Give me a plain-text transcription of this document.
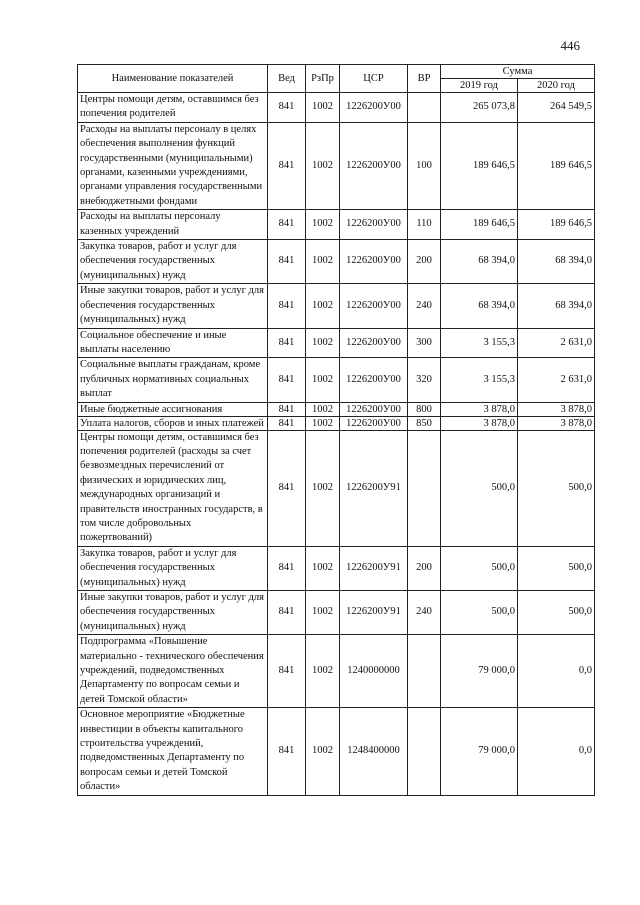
446
Наименование показателей	Вед	РзПр	ЦСР	ВР	Сумма	
					2019 год	2020 год
Центры помощи детям, оставшимся без попечения родителей	841	1002	1226200У00		265 073,8	264 549,5
Расходы на выплаты персоналу в целях обеспечения выполнения функций государственными (муниципальными) органами, казенными учреждениями, органами управления государственными внебюджетными фондами	841	1002	1226200У00	100	189 646,5	189 646,5
Расходы на выплаты персоналу казенных учреждений	841	1002	1226200У00	110	189 646,5	189 646,5
Закупка товаров, работ и услуг для обеспечения государственных (муниципальных) нужд	841	1002	1226200У00	200	68 394,0	68 394,0
Иные закупки товаров, работ и услуг для обеспечения государственных (муниципальных) нужд	841	1002	1226200У00	240	68 394,0	68 394,0
Социальное обеспечение и иные выплаты населению	841	1002	1226200У00	300	3 155,3	2 631,0
Социальные выплаты гражданам, кроме публичных нормативных социальных выплат	841	1002	1226200У00	320	3 155,3	2 631,0
Иные бюджетные ассигнования	841	1002	1226200У00	800	3 878,0	3 878,0
Уплата налогов, сборов и иных платежей	841	1002	1226200У00	850	3 878,0	3 878,0
Центры помощи детям, оставшимся без попечения родителей (расходы за счет безвозмездных перечислений от физических и юридических лиц, международных организаций и правительств иностранных государств, в том числе добровольных пожертвований)	841	1002	1226200У91		500,0	500,0
Закупка товаров, работ и услуг для обеспечения государственных (муниципальных) нужд	841	1002	1226200У91	200	500,0	500,0
Иные закупки товаров, работ и услуг для обеспечения государственных (муниципальных) нужд	841	1002	1226200У91	240	500,0	500,0
Подпрограмма «Повышение материально - технического обеспечения учреждений, подведомственных Департаменту по вопросам семьи и детей Томской области»	841	1002	1240000000		79 000,0	0,0
Основное мероприятие «Бюджетные инвестиции в объекты капитального строительства учреждений, подведомственных Департаменту по вопросам семьи и детей Томской области»	841	1002	1248400000		79 000,0	0,0
